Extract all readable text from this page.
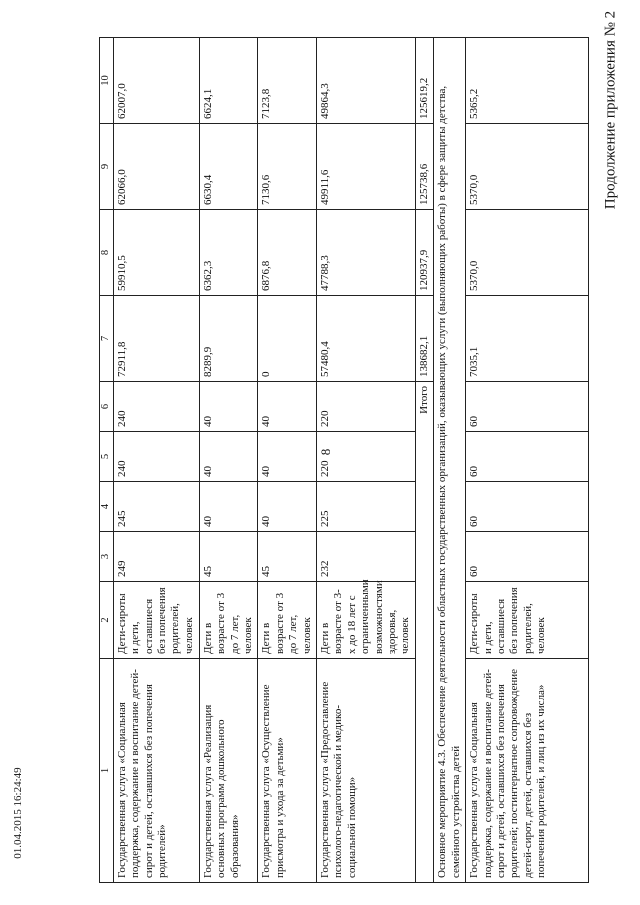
8
Продолжение приложения № 2
01.04.2015 16:24:49	1	2	3	4	5	6	7	8	9	10
Государственная услуга «Социальная поддержка, содержание и воспитание детей-сирот и детей, оставшихся без попечения родителей»	Дети-сироты и дети, оставшиеся без попечения родителей, человек	249	245	240	240	72911,8	59910,5	62066,0	62007,0
Государственная услуга «Реализация основных программ дошкольного образования»	Дети в возрасте от 3 до 7 лет, человек	45	40	40	40	8289,9	6362,3	6630,4	6624,1
Государственная услуга «Осуществление присмотра и ухода за детьми»	Дети в возрасте от 3 до 7 лет, человек	45	40	40	40	0	6876,8	7130,6	7123,8
Государственная услуга «Предоставление психолого-педагогической и медико-социальной помощи»	Дети в возрасте от 3-х до 18 лет с ограниченными возможностями здоровья, человек	232	225	220	220	57480,4	47788,3	49911,6	49864,3
Итого						138682,1	120937,9	125738,6	125619,2
Основное мероприятие 4.3. Обеспечение деятельности областных государственных организаций, оказывающих услуги (выполняющих работы) в сфере защиты детства, семейного устройства детей									
Государственная услуга «Социальная поддержка, содержание и воспитание детей-сирот и детей, оставшихся без попечения родителей; постинтернатное сопровождение детей-сирот, детей, оставшихся без попечения родителей, и лиц из их числа»	Дети-сироты и дети, оставшиеся без попечения родителей, человек	60	60	60	60	7035,1	5370,0	5370,0	5365,2
